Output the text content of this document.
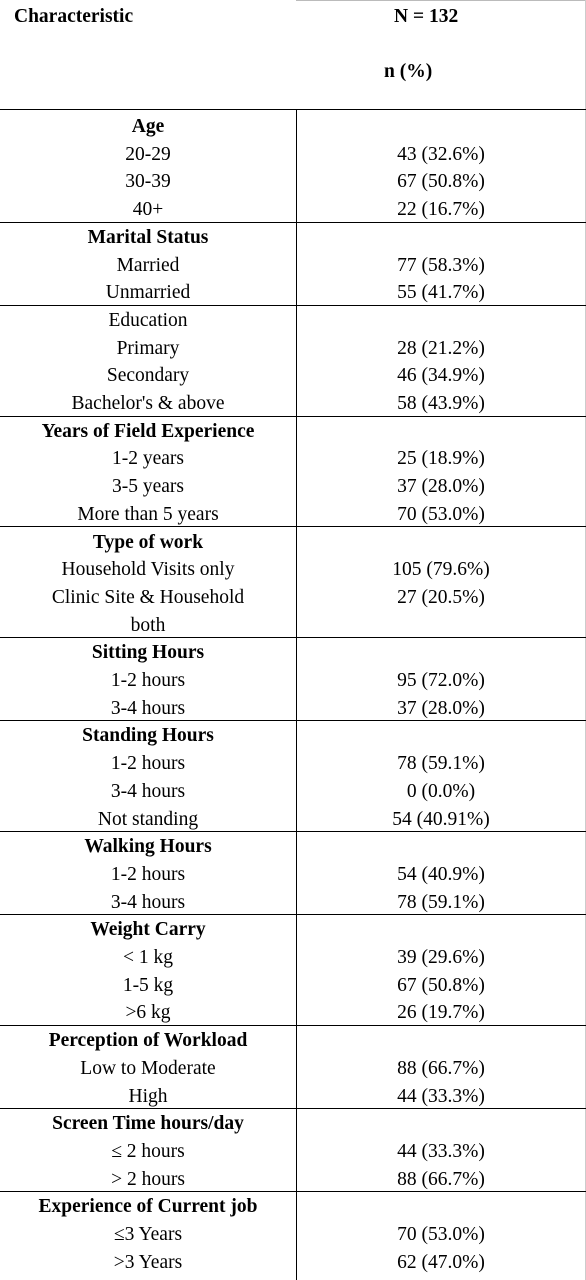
Characteristic	N = 132
n (%)
Age
20-29	43 (32.6%)
30-39	67 (50.8%)
40+	22 (16.7%)
Marital Status
Married	77 (58.3%)
Unmarried	55 (41.7%)
Education
Primary	28 (21.2%)
Secondary	46 (34.9%)
Bachelor's & above	58 (43.9%)
Years of Field Experience
1-2 years	25 (18.9%)
3-5 years	37 (28.0%)
More than 5 years	70 (53.0%)
Type of work
Household Visits only	105 (79.6%)
Clinic Site & Household	27 (20.5%)
both
Sitting Hours
1-2 hours	95 (72.0%)
3-4 hours	37 (28.0%)
Standing Hours
1-2 hours	78 (59.1%)
3-4 hours	0 (0.0%)
Not standing	54 (40.91%)
Walking Hours
1-2 hours	54 (40.9%)
3-4 hours	78 (59.1%)
Weight Carry
< 1 kg	39 (29.6%)
1-5 kg	67 (50.8%)
>6 kg	26 (19.7%)
Perception of Workload
Low to Moderate	88 (66.7%)
High	44 (33.3%)
Screen Time hours/day
≤ 2 hours	44 (33.3%)
> 2 hours	88 (66.7%)
Experience of Current job
≤3 Years	70 (53.0%)
>3 Years	62 (47.0%)
